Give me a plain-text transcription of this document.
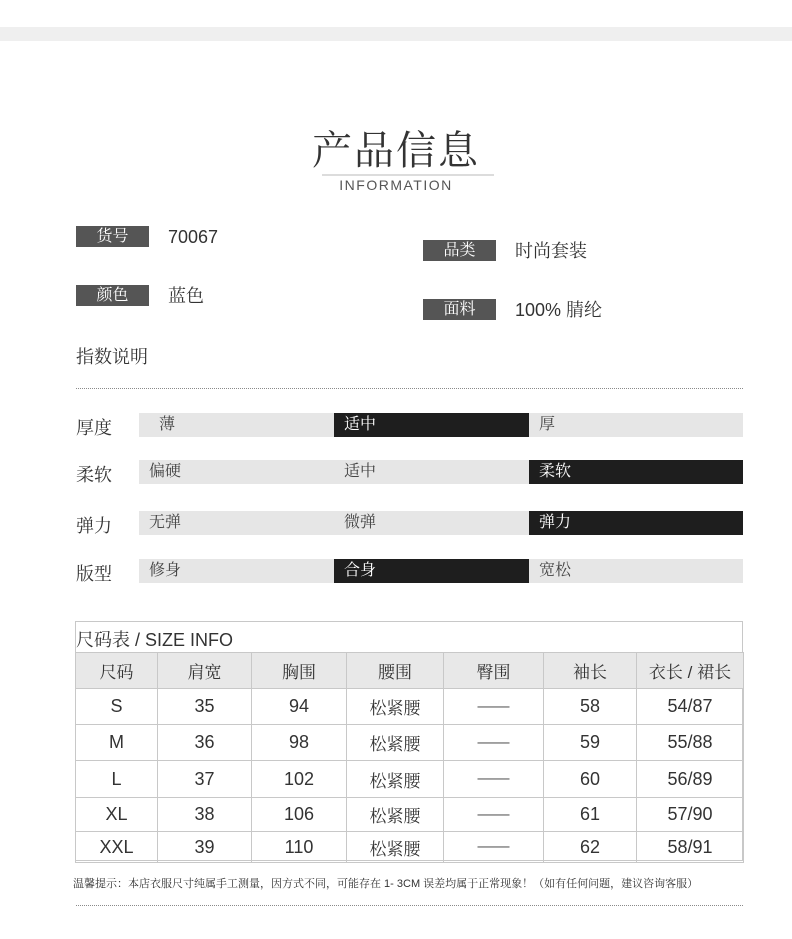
产品信息
INFORMATION
货号	70067
品类	时尚套装
颜色	蓝色
面料	100% 腈纶
指数说明
厚度	薄	适中	厚
柔软	偏硬	适中	柔软
弹力	无弹	微弹	弹力
版型	修身	合身	宽松
尺码表 / SIZE INFO
尺码	肩宽	胸围	腰围	臀围	袖长	衣长 / 裙长
S	35	94	松紧腰	——	58	54/87
M	36	98	松紧腰	——	59	55/88
L	37	102	松紧腰	——	60	56/89
XL	38	106	松紧腰	——	61	57/90
XXL	39	110	松紧腰	——	62	58/91
温馨提示：本店衣服尺寸纯属手工测量，因方式不同，可能存在 1- 3CM 误差均属于正常现象！（如有任何问题，建议咨询客服）
